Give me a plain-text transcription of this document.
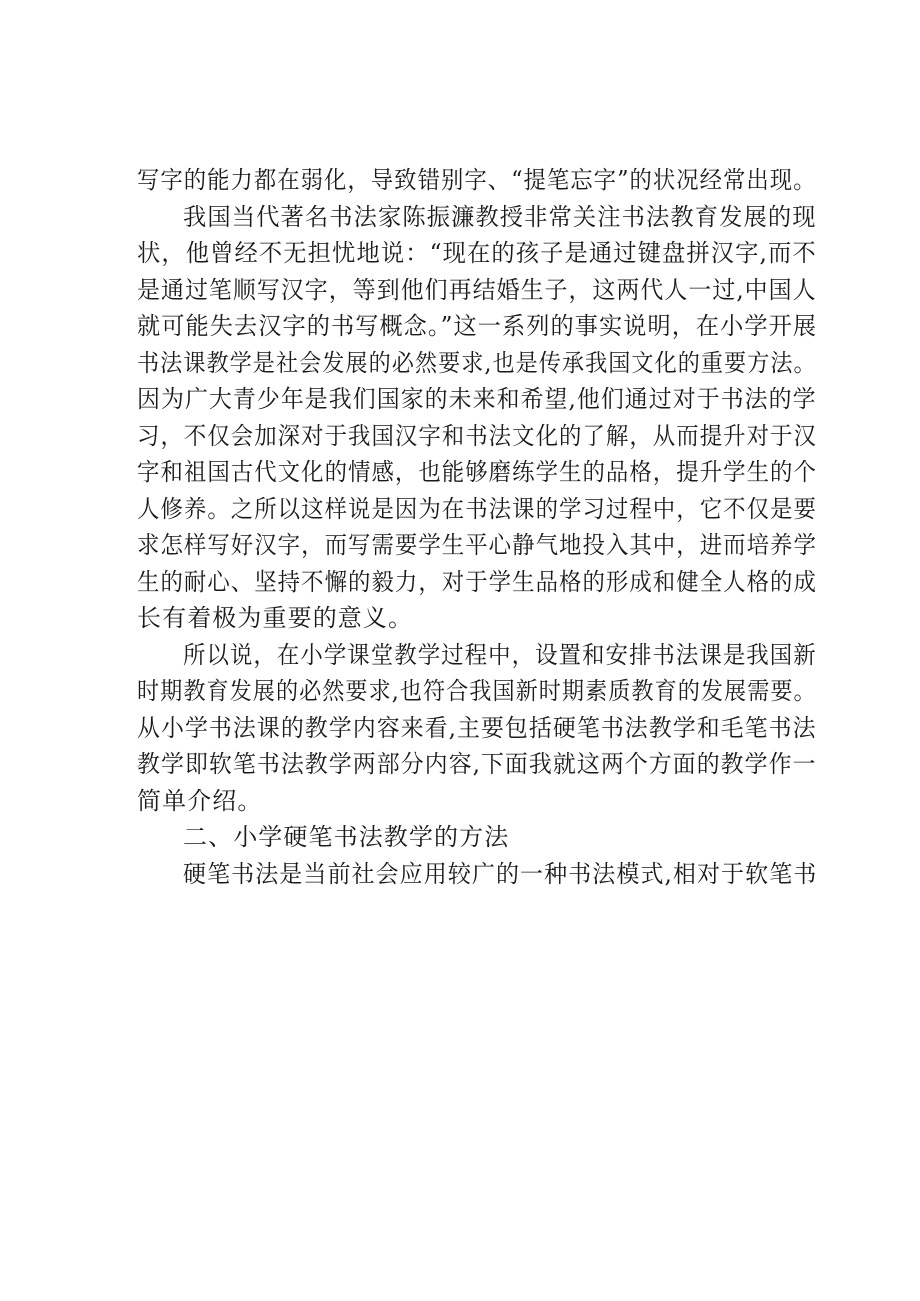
写字的能力都在弱化，导致错别字、“提笔忘字”的状况经常出现。
我国当代著名书法家陈振濂教授非常关注书法教育发展的现
状，他曾经不无担忧地说：“现在的孩子是通过键盘拼汉字,而不
是通过笔顺写汉字，等到他们再结婚生子，这两代人一过,中国人
就可能失去汉字的书写概念。”这一系列的事实说明，在小学开展
书法课教学是社会发展的必然要求,也是传承我国文化的重要方法。
因为广大青少年是我们国家的未来和希望,他们通过对于书法的学
习，不仅会加深对于我国汉字和书法文化的了解，从而提升对于汉
字和祖国古代文化的情感，也能够磨练学生的品格，提升学生的个
人修养。之所以这样说是因为在书法课的学习过程中，它不仅是要
求怎样写好汉字，而写需要学生平心静气地投入其中，进而培养学
生的耐心、坚持不懈的毅力，对于学生品格的形成和健全人格的成
长有着极为重要的意义。
所以说，在小学课堂教学过程中，设置和安排书法课是我国新
时期教育发展的必然要求,也符合我国新时期素质教育的发展需要。
从小学书法课的教学内容来看,主要包括硬笔书法教学和毛笔书法
教学即软笔书法教学两部分内容,下面我就这两个方面的教学作一
简单介绍。
二、小学硬笔书法教学的方法
硬笔书法是当前社会应用较广的一种书法模式,相对于软笔书
